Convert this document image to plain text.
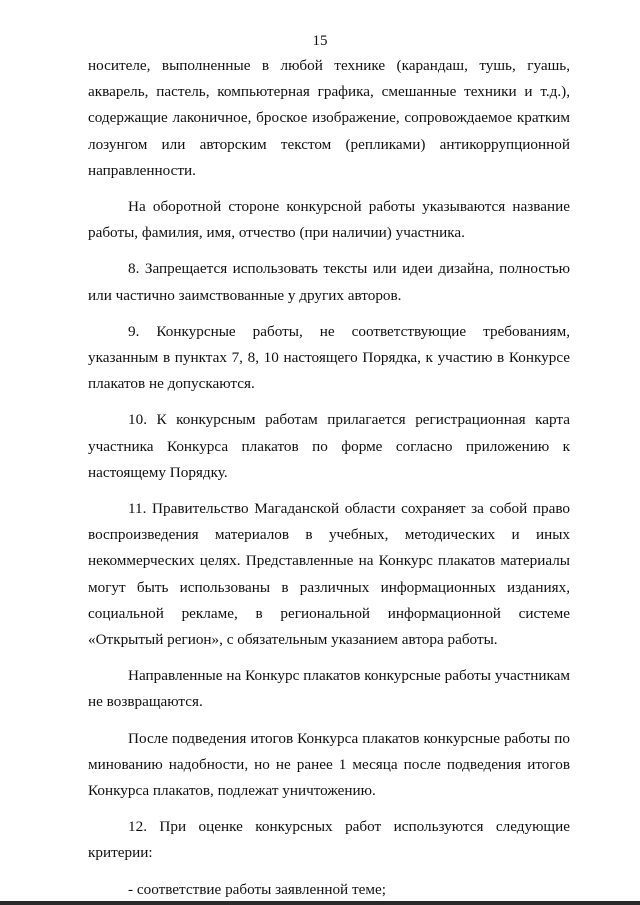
15

носителе, выполненные в любой технике (карандаш, тушь, гуашь, акварель, пастель, компьютерная графика, смешанные техники и т.д.), содержащие лаконичное, броское изображение, сопровождаемое кратким лозунгом или авторским текстом (репликами) антикоррупционной направленности.

На оборотной стороне конкурсной работы указываются название работы, фамилия, имя, отчество (при наличии) участника.

8. Запрещается использовать тексты или идеи дизайна, полностью или частично заимствованные у других авторов.

9. Конкурсные работы, не соответствующие требованиям, указанным в пунктах 7, 8, 10 настоящего Порядка, к участию в Конкурсе плакатов не допускаются.

10. К конкурсным работам прилагается регистрационная карта участника Конкурса плакатов по форме согласно приложению к настоящему Порядку.

11. Правительство Магаданской области сохраняет за собой право воспроизведения материалов в учебных, методических и иных некоммерческих целях. Представленные на Конкурс плакатов материалы могут быть использованы в различных информационных изданиях, социальной рекламе, в региональной информационной системе «Открытый регион», с обязательным указанием автора работы.

Направленные на Конкурс плакатов конкурсные работы участникам не возвращаются.

После подведения итогов Конкурса плакатов конкурсные работы по минованию надобности, но не ранее 1 месяца после подведения итогов Конкурса плакатов, подлежат уничтожению.

12. При оценке конкурсных работ используются следующие критерии:

- соответствие работы заявленной теме;
